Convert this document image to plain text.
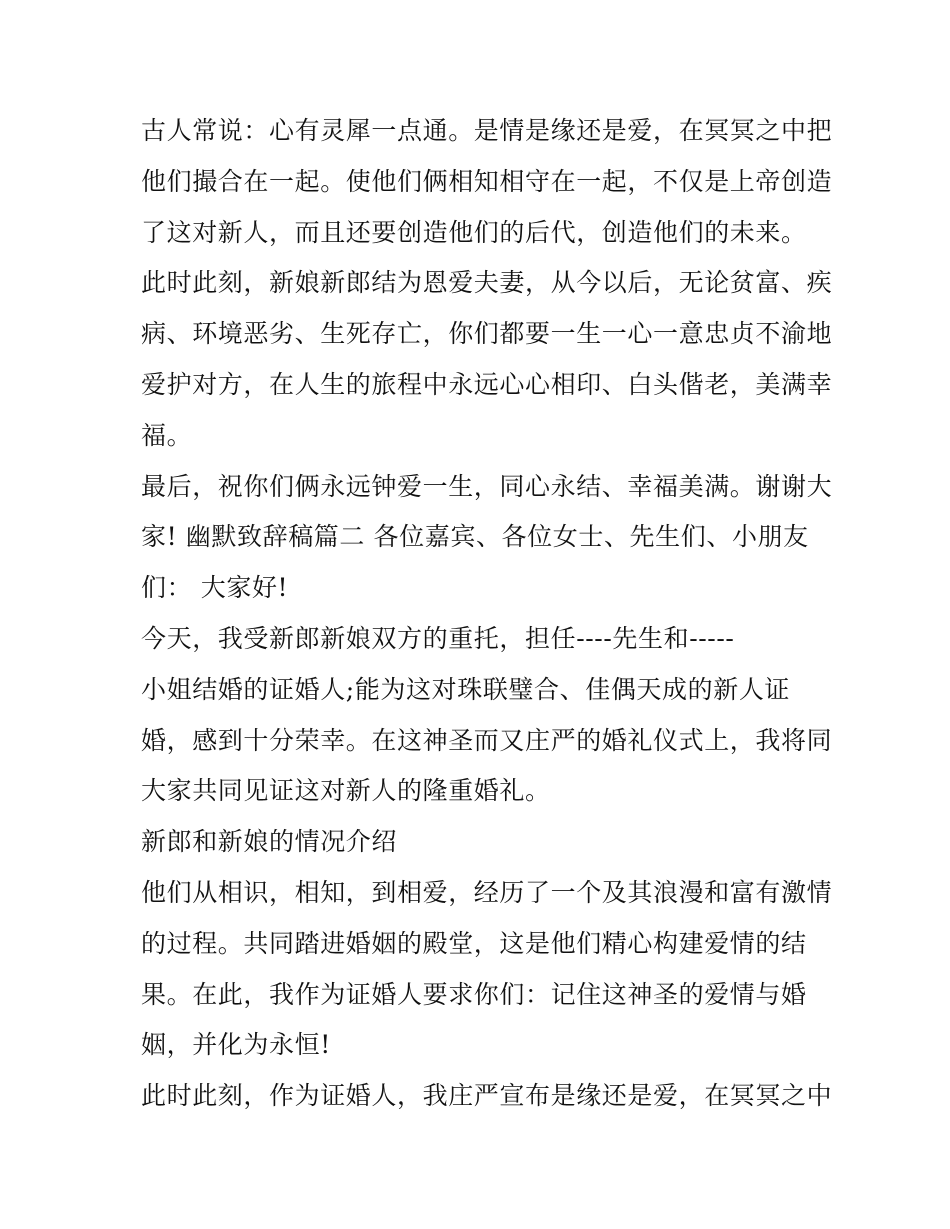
古人常说：心有灵犀一点通。是情是缘还是爱，在冥冥之中把
他们撮合在一起。使他们俩相知相守在一起，不仅是上帝创造
了这对新人，而且还要创造他们的后代，创造他们的未来。
此时此刻，新娘新郎结为恩爱夫妻，从今以后，无论贫富、疾
病、环境恶劣、生死存亡，你们都要一生一心一意忠贞不渝地
爱护对方，在人生的旅程中永远心心相印、白头偕老，美满幸
福。
最后，祝你们俩永远钟爱一生，同心永结、幸福美满。谢谢大
家! 幽默致辞稿篇二 各位嘉宾、各位女士、先生们、小朋友
们： 大家好!
今天，我受新郎新娘双方的重托，担任----先生和-----
小姐结婚的证婚人;能为这对珠联璧合、佳偶天成的新人证
婚，感到十分荣幸。在这神圣而又庄严的婚礼仪式上，我将同
大家共同见证这对新人的隆重婚礼。
新郎和新娘的情况介绍
他们从相识，相知，到相爱，经历了一个及其浪漫和富有激情
的过程。共同踏进婚姻的殿堂，这是他们精心构建爱情的结
果。在此，我作为证婚人要求你们：记住这神圣的爱情与婚
姻，并化为永恒!
此时此刻，作为证婚人，我庄严宣布是缘还是爱，在冥冥之中
